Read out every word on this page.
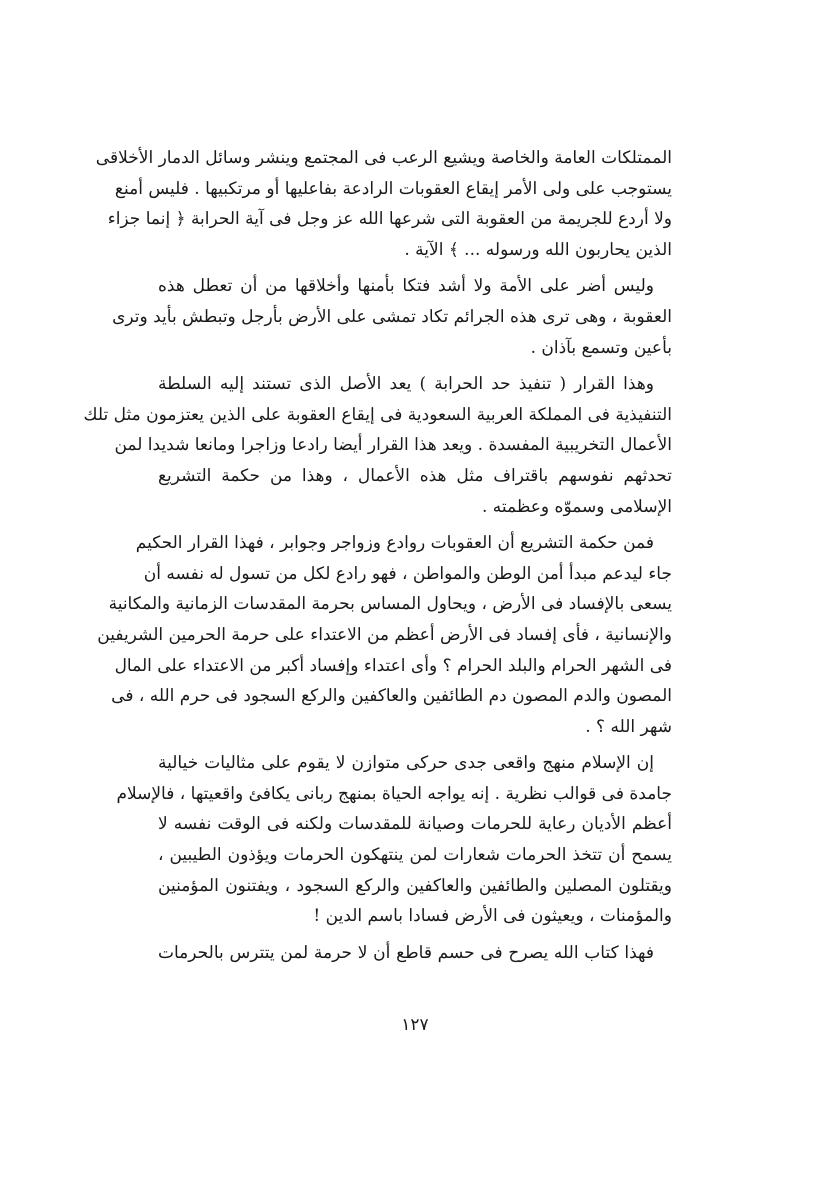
الممتلكات العامة والخاصة ويشيع الرعب فى المجتمع وينشر وسائل الدمار الأخلاقى
يستوجب على ولى الأمر إيقاع العقوبات الرادعة بفاعليها أو مرتكبيها . فليس أمنع
ولا أردع للجريمة من العقوبة التى شرعها الله عز وجل فى آية الحرابة ﴿ إنما جزاء
الذين يحاربون الله ورسوله ... ﴾ الآية .
وليس أضر على الأمة ولا أشد فتكا بأمنها وأخلاقها من أن تعطل هذه
العقوبة ، وهى ترى هذه الجرائم تكاد تمشى على الأرض بأرجل وتبطش بأيد وترى
بأعين وتسمع بآذان .
وهذا القرار ( تنفيذ حد الحرابة ) يعد الأصل الذى تستند إليه السلطة
التنفيذية فى المملكة العربية السعودية فى إيقاع العقوبة على الذين يعتزمون مثل تلك
الأعمال التخريبية المفسدة . ويعد هذا القرار أيضا رادعا وزاجرا ومانعا شديدا لمن
تحدثهم نفوسهم باقتراف مثل هذه الأعمال ، وهذا من حكمة التشريع
الإسلامى وسموّه وعظمته .
فمن حكمة التشريع أن العقوبات روادع وزواجر وجوابر ، فهذا القرار الحكيم
جاء ليدعم مبدأ أمن الوطن والمواطن ، فهو رادع لكل من تسول له نفسه أن
يسعى بالإفساد فى الأرض ، ويحاول المساس بحرمة المقدسات الزمانية والمكانية
والإنسانية ، فأى إفساد فى الأرض أعظم من الاعتداء على حرمة الحرمين الشريفين
فى الشهر الحرام والبلد الحرام ؟ وأى اعتداء وإفساد أكبر من الاعتداء على المال
المصون والدم المصون دم الطائفين والعاكفين والركع السجود فى حرم الله ، فى
شهر الله ؟ .
إن الإسلام منهج واقعى جدى حركى متوازن لا يقوم على مثاليات خيالية
جامدة فى قوالب نظرية . إنه يواجه الحياة بمنهج ربانى يكافئ واقعيتها ، فالإسلام
أعظم الأديان رعاية للحرمات وصيانة للمقدسات ولكنه فى الوقت نفسه لا
يسمح أن تتخذ الحرمات شعارات لمن ينتهكون الحرمات ويؤذون الطيبين ،
ويقتلون المصلين والطائفين والعاكفين والركع السجود ، ويفتنون المؤمنين
والمؤمنات ، ويعيثون فى الأرض فسادا باسم الدين !
فهذا كتاب الله يصرح فى حسم قاطع أن لا حرمة لمن يتترس بالحرمات
١٢٧
